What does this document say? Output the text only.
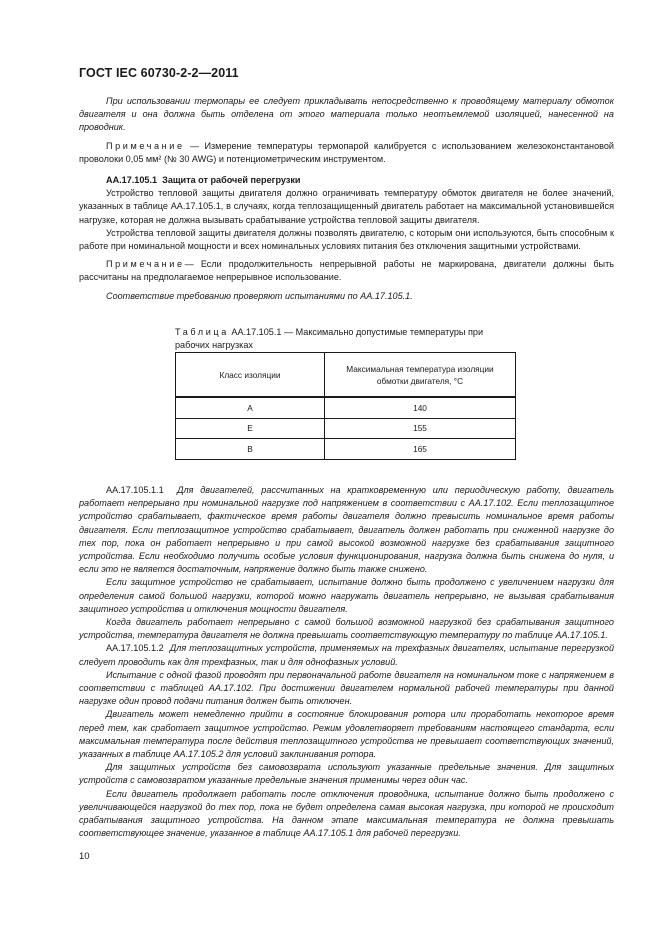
ГОСТ IEC 60730-2-2—2011

При использовании термопары ее следует прикладывать непосредственно к проводящему материалу обмоток двигателя и она должна быть отделена от этого материала только неотъемлемой изоляцией, нанесенной на проводник.

Примечание — Измерение температуры термопарой калибруется с использованием железоконстантановой проволоки 0,05 мм² (№ 30 AWG) и потенциометрическим инструментом.

АА.17.105.1 Защита от рабочей перегрузки

Устройство тепловой защиты двигателя должно ограничивать температуру обмоток двигателя не более значений, указанных в таблице АА.17.105.1, в случаях, когда теплозащищенный двигатель работает на максимальной установившейся нагрузке, которая не должна вызывать срабатывание устройства тепловой защиты двигателя.

Устройства тепловой защиты двигателя должны позволять двигателю, с которым они используются, быть способным к работе при номинальной мощности и всех номинальных условиях питания без отключения защитными устройствами.

Примечание— Если продолжительность непрерывной работы не маркирована, двигатели должны быть рассчитаны на предполагаемое непрерывное использование.

Соответствие требованию проверяют испытаниями по АА.17.105.1.

Таблица АА.17.105.1 — Максимально допустимые температуры при рабочих нагрузках
Класс изоляции	Максимальная температура изоляции обмотки двигателя, °С

А	140
Е	155
В	165

АА.17.105.1.1 Для двигателей, рассчитанных на кратковременную или периодическую работу, двигатель работает непрерывно при номинальной нагрузке под напряжением в соответствии с АА.17.102. Если теплозащитное устройство срабатывает, фактическое время работы двигателя должно превысить номинальное время работы двигателя. Если теплозащитное устройство срабатывает, двигатель должен работать при сниженной нагрузке до тех пор, пока он работает непрерывно и при самой высокой возможной нагрузке без срабатывания защитного устройства. Если необходимо получить особые условия функционирования, нагрузка должна быть снижена до нуля, и если это не является достаточным, напряжение должно быть также снижено.

Если защитное устройство не срабатывает, испытание должно быть продолжено с увеличением нагрузки для определения самой большой нагрузки, которой можно нагружать двигатель непрерывно, не вызывая срабатывания защитного устройства и отключения мощности двигателя.

Когда двигатель работает непрерывно с самой большой возможной нагрузкой без срабатывания защитного устройства, температура двигателя не должна превышать соответствующую температуру по таблице АА.17.105.1.

АА.17.105.1.2 Для теплозащитных устройств, применяемых на трехфазных двигателях, испытание перегрузкой следует проводить как для трехфазных, так и для однофазных условий.

Испытание с одной фазой проводят при первоначальной работе двигателя на номинальном токе с напряжением в соответствии с таблицей АА.17.102. При достижении двигателем нормальной рабочей температуры при данной нагрузке один провод подачи питания должен быть отключен.

Двигатель может немедленно прийти в состояние блокирования ротора или проработать некоторое время перед тем, как сработает защитное устройство. Режим удовлетворяет требованиям настоящего стандарта, если максимальная температура после действия теплозащитного устройства не превышает соответствующих значений, указанных в таблице АА.17.105.2 для условий заклинивания ротора.

Для защитных устройств без самовозврата используют указанные предельные значения. Для защитных устройств с самовозвратом указанные предельные значения применимы через один час.

Если двигатель продолжает работать после отключения проводника, испытание должно быть продолжено с увеличивающейся нагрузкой до тех пор, пока не будет определена самая высокая нагрузка, при которой не происходит срабатывания защитного устройства. На данном этапе максимальная температура не должна превышать соответствующее значение, указанное в таблице АА.17.105.1 для рабочей перегрузки.

10
